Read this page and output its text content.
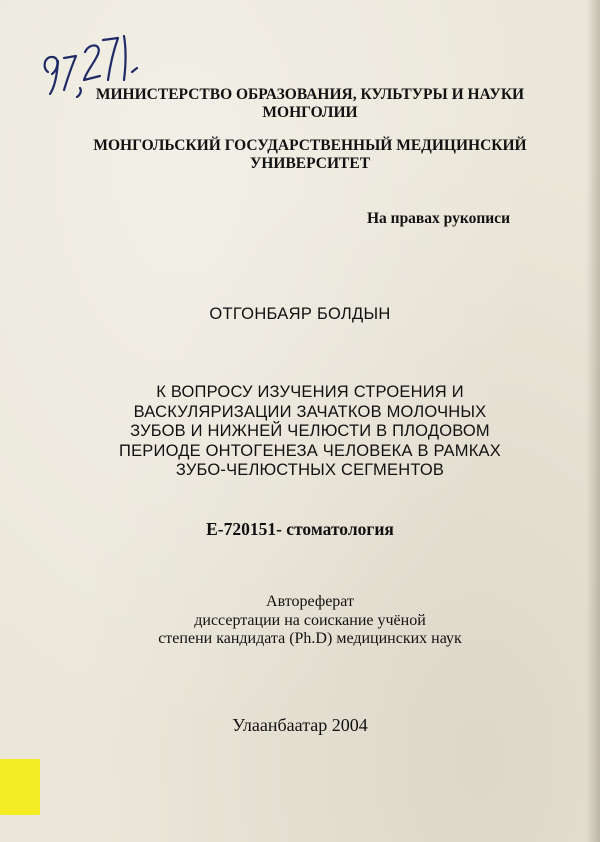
МИНИСТЕРСТВО ОБРАЗОВАНИЯ, КУЛЬТУРЫ И НАУКИ
МОНГОЛИИ
МОНГОЛЬСКИЙ ГОСУДАРСТВЕННЫЙ МЕДИЦИНСКИЙ
УНИВЕРСИТЕТ
На правах рукописи
ОТГОНБАЯР БОЛДЫН
К ВОПРОСУ ИЗУЧЕНИЯ СТРОЕНИЯ И
ВАСКУЛЯРИЗАЦИИ ЗАЧАТКОВ МОЛОЧНЫХ
ЗУБОВ И НИЖНЕЙ ЧЕЛЮСТИ В ПЛОДОВОМ
ПЕРИОДЕ ОНТОГЕНЕЗА ЧЕЛОВЕКА В РАМКАХ
ЗУБО-ЧЕЛЮСТНЫХ СЕГМЕНТОВ
Е-720151- стоматология
Автореферат
диссертации на соискание учёной
степени кандидата (Ph.D) медицинских наук
Улаанбаатар 2004
